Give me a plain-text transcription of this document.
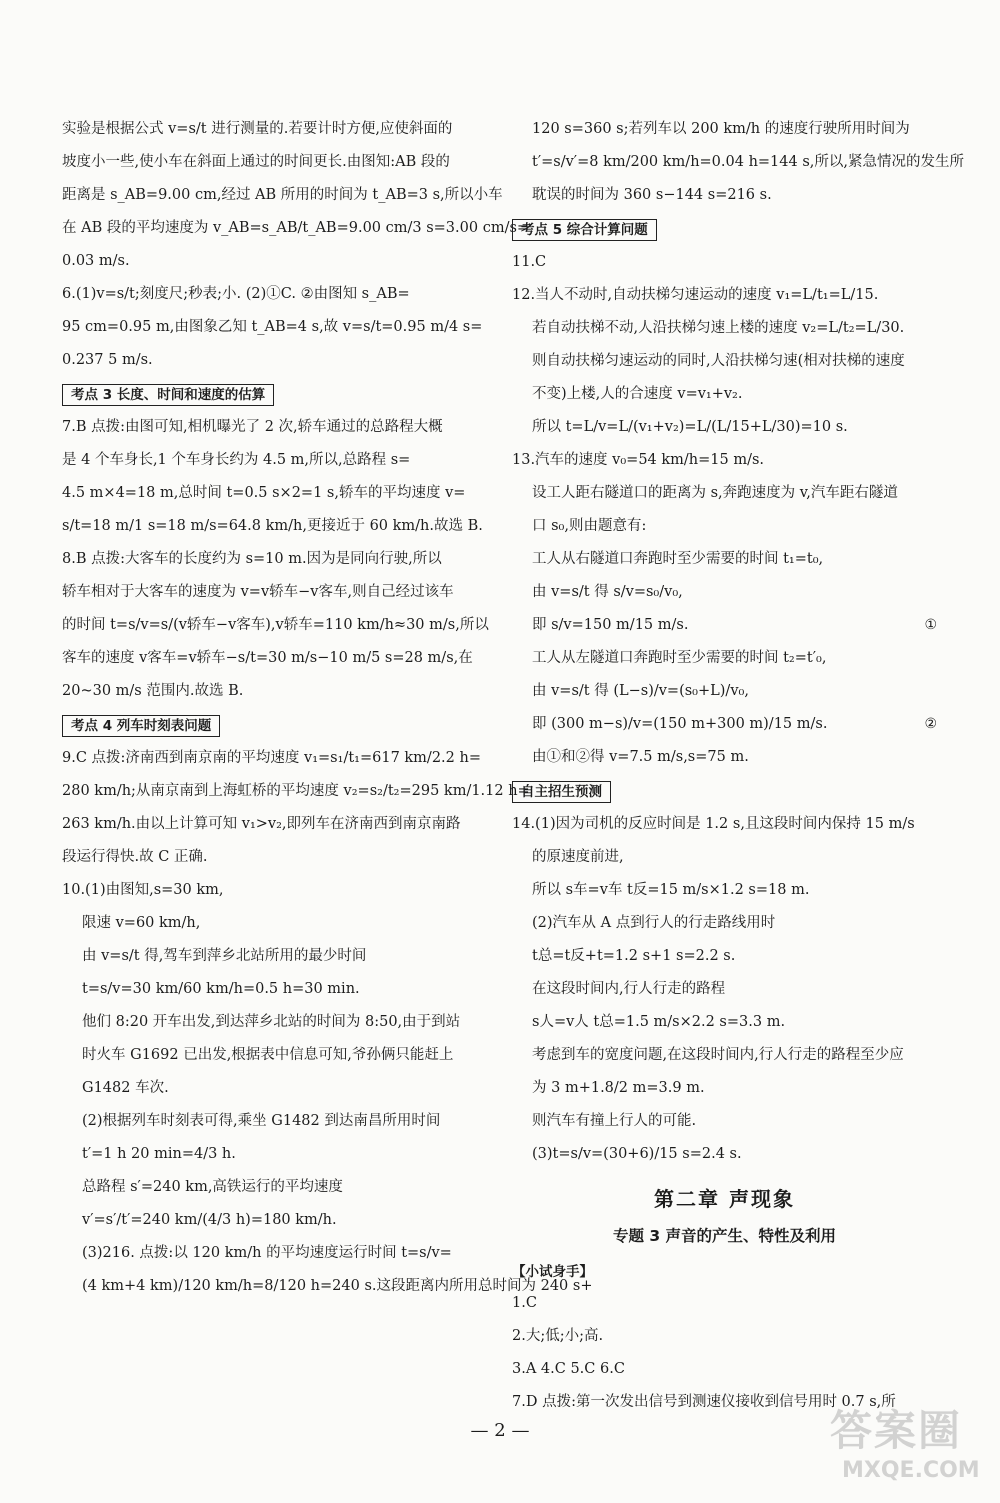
实验是根据公式 v=s/t 进行测量的.若要计时方便,应使斜面的
坡度小一些,使小车在斜面上通过的时间更长.由图知:AB 段的
距离是 s_AB=9.00 cm,经过 AB 所用的时间为 t_AB=3 s,所以小车
在 AB 段的平均速度为 v_AB=s_AB/t_AB=9.00 cm/3 s=3.00 cm/s=
0.03 m/s.
6.(1)v=s/t;刻度尺;秒表;小. (2)①C. ②由图知 s_AB=
95 cm=0.95 m,由图象乙知 t_AB=4 s,故 v=s/t=0.95 m/4 s=
0.237 5 m/s.
考点 3 长度、时间和速度的估算
7.B 点拨:由图可知,相机曝光了 2 次,轿车通过的总路程大概
是 4 个车身长,1 个车身长约为 4.5 m,所以,总路程 s=
4.5 m×4=18 m,总时间 t=0.5 s×2=1 s,轿车的平均速度 v=
s/t=18 m/1 s=18 m/s=64.8 km/h,更接近于 60 km/h.故选 B.
8.B 点拨:大客车的长度约为 s=10 m.因为是同向行驶,所以
轿车相对于大客车的速度为 v=v轿车−v客车,则自己经过该车
的时间 t=s/v=s/(v轿车−v客车),v轿车=110 km/h≈30 m/s,所以
客车的速度 v客车=v轿车−s/t=30 m/s−10 m/5 s=28 m/s,在
20~30 m/s 范围内.故选 B.
考点 4 列车时刻表问题
9.C 点拨:济南西到南京南的平均速度 v₁=s₁/t₁=617 km/2.2 h=
280 km/h;从南京南到上海虹桥的平均速度 v₂=s₂/t₂=295 km/1.12 h=
263 km/h.由以上计算可知 v₁>v₂,即列车在济南西到南京南路
段运行得快.故 C 正确.
10.(1)由图知,s=30 km,
限速 v=60 km/h,
由 v=s/t 得,驾车到萍乡北站所用的最少时间
t=s/v=30 km/60 km/h=0.5 h=30 min.
他们 8:20 开车出发,到达萍乡北站的时间为 8:50,由于到站
时火车 G1692 已出发,根据表中信息可知,爷孙俩只能赶上
G1482 车次.
(2)根据列车时刻表可得,乘坐 G1482 到达南昌所用时间
t′=1 h 20 min=4/3 h.
总路程 s′=240 km,高铁运行的平均速度
v′=s′/t′=240 km/(4/3 h)=180 km/h.
(3)216. 点拨:以 120 km/h 的平均速度运行时间 t=s/v=
(4 km+4 km)/120 km/h=8/120 h=240 s.这段距离内所用总时间为 240 s+
120 s=360 s;若列车以 200 km/h 的速度行驶所用时间为
t′=s/v′=8 km/200 km/h=0.04 h=144 s,所以,紧急情况的发生所
耽误的时间为 360 s−144 s=216 s.
考点 5 综合计算问题
11.C
12.当人不动时,自动扶梯匀速运动的速度 v₁=L/t₁=L/15.
若自动扶梯不动,人沿扶梯匀速上楼的速度 v₂=L/t₂=L/30.
则自动扶梯匀速运动的同时,人沿扶梯匀速(相对扶梯的速度
不变)上楼,人的合速度 v=v₁+v₂.
所以 t=L/v=L/(v₁+v₂)=L/(L/15+L/30)=10 s.
13.汽车的速度 v₀=54 km/h=15 m/s.
设工人距右隧道口的距离为 s,奔跑速度为 v,汽车距右隧道
口 s₀,则由题意有:
工人从右隧道口奔跑时至少需要的时间 t₁=t₀,
由 v=s/t 得 s/v=s₀/v₀,
即 s/v=150 m/15 m/s.	①
工人从左隧道口奔跑时至少需要的时间 t₂=t′₀,
由 v=s/t 得 (L−s)/v=(s₀+L)/v₀,
即 (300 m−s)/v=(150 m+300 m)/15 m/s.	②
由①和②得 v=7.5 m/s,s=75 m.
自主招生预测
14.(1)因为司机的反应时间是 1.2 s,且这段时间内保持 15 m/s
的原速度前进,
所以 s车=v车 t反=15 m/s×1.2 s=18 m.
(2)汽车从 A 点到行人的行走路线用时
t总=t反+t=1.2 s+1 s=2.2 s.
在这段时间内,行人行走的路程
s人=v人 t总=1.5 m/s×2.2 s=3.3 m.
考虑到车的宽度问题,在这段时间内,行人行走的路程至少应
为 3 m+1.8/2 m=3.9 m.
则汽车有撞上行人的可能.
(3)t=s/v=(30+6)/15 s=2.4 s.
第二章 声现象
专题 3 声音的产生、特性及利用
【小试身手】
1.C
2.大;低;小;高.
3.A 4.C 5.C 6.C
7.D 点拨:第一次发出信号到测速仪接收到信号用时 0.7 s,所
— 2 —	答案圈
MXQE.COM
